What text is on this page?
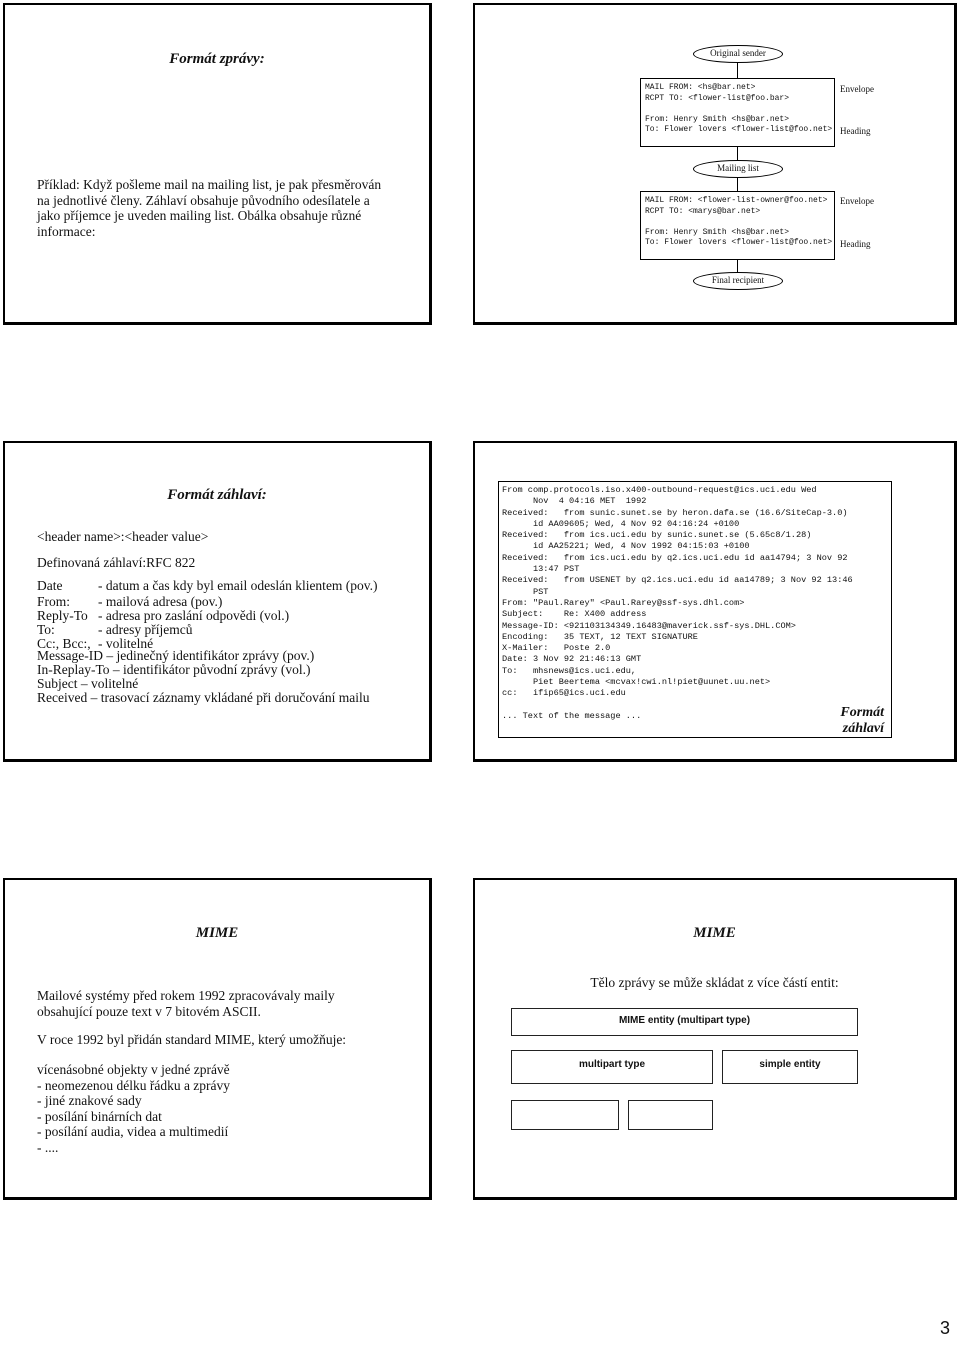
Formát zprávy:
Příklad: Když pošleme mail na mailing list, je pak přesměrován
na jednotlivé členy. Záhlaví obsahuje původního odesílatele a
jako příjemce je uveden mailing list. Obálka obsahuje různé
informace:
Original sender
MAIL FROM: <hs@bar.net>
RCPT TO: <flower-list@foo.bar>

From: Henry Smith <hs@bar.net>
To: Flower lovers <flower-list@foo.net>
Envelope
Heading
Mailing list
MAIL FROM: <flower-list-owner@foo.net>
RCPT TO: <marys@bar.net>

From: Henry Smith <hs@bar.net>
To: Flower lovers <flower-list@foo.net>
Envelope
Heading
Final recipient
Formát záhlaví:
<header name>:<header value>
Definovaná záhlaví:RFC 822
Date	- datum a čas kdy byl email odeslán klientem (pov.)
From:	- mailová adresa (pov.)
Reply-To - adresa pro zaslání odpovědi (vol.)
To:	- adresy příjemců
Cc:, Bcc:, - volitelné
Message-ID – jedinečný identifikátor zprávy (pov.)
In-Replay-To – identifikátor původní zprávy (vol.)
Subject – volitelné
Received – trasovací záznamy vkládané při doručování mailu
From comp.protocols.iso.x400-outbound-request@ics.uci.edu Wed
Nov  4 04:16 MET  1992
Received:   from sunic.sunet.se by heron.dafa.se (16.6/SiteCap-3.0)
id AA09605; Wed, 4 Nov 92 04:16:24 +0100
Received:   from ics.uci.edu by sunic.sunet.se (5.65c8/1.28)
id AA25221; Wed, 4 Nov 1992 04:15:03 +0100
Received:   from ics.uci.edu by q2.ics.uci.edu id aa14794; 3 Nov 92
13:47 PST
Received:   from USENET by q2.ics.uci.edu id aa14789; 3 Nov 92 13:46
PST
From: "Paul.Rarey" <Paul.Rarey@ssf-sys.dhl.com>
Subject:    Re: X400 address
Message-ID: <921103134349.16483@maverick.ssf-sys.DHL.COM>
Encoding:   35 TEXT, 12 TEXT SIGNATURE
X-Mailer:   Poste 2.0
Date: 3 Nov 92 21:46:13 GMT
To:   mhsnews@ics.uci.edu,
Piet Beertema <mcvax!cwi.nl!piet@uunet.uu.net>
cc:   ifip65@ics.uci.edu

... Text of the message ...	Formát
záhlaví
MIME
Mailové systémy před rokem 1992 zpracovávaly maily
obsahující pouze text v 7 bitovém ASCII.
V roce 1992 byl přidán standard MIME, který umožňuje:
vícenásobné objekty v jedné zprávě
- neomezenou délku řádku a zprávy
- jiné znakové sady
- posílání binárních dat
- posílání audia, videa a multimedií
- ....
MIME
Tělo zprávy se může skládat z více částí entit:
MIME entity (multipart type)
multipart type	simple entity
3
